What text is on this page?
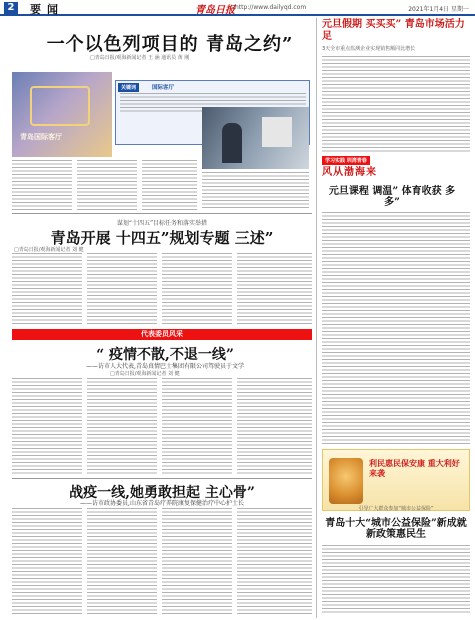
2	要闻	青岛日报 http://www.dailyqd.com	2021年1月4日 星期一
一个以色列项目的 青岛之约”
□青岛日报/观海新闻记者 王 涵 通讯员 黄 刚
青岛国际客厅
关键词	国际客厅
谋划“十四五”目标任务和落实举措
青岛开展 十四五”规划专题 三述”
□青岛日报/观海新闻记者 刘 健
代表委员风采
“ 疫情不散,不退一线”
——访市人大代表,青岛真情巴士集团有限公司驾驶员于文学
□青岛日报/观海新闻记者 刘 健
战疫一线,她勇敢担起 主心骨”
——访市政协委员,山东省青岛疗养院康复保健治疗中心护士长
元旦假期 买买买” 青岛市场活力足
3天全市重点监测企业实现销售额同比增长
学习实践 圳湾青春
风从渤海来
元旦课程 调温” 体育收获 多多”
利民惠民保安康 重大利好来袭
引导广大群众参加“城市公益保险”
青岛十大“城市公益保险”新成就 新政策惠民生
